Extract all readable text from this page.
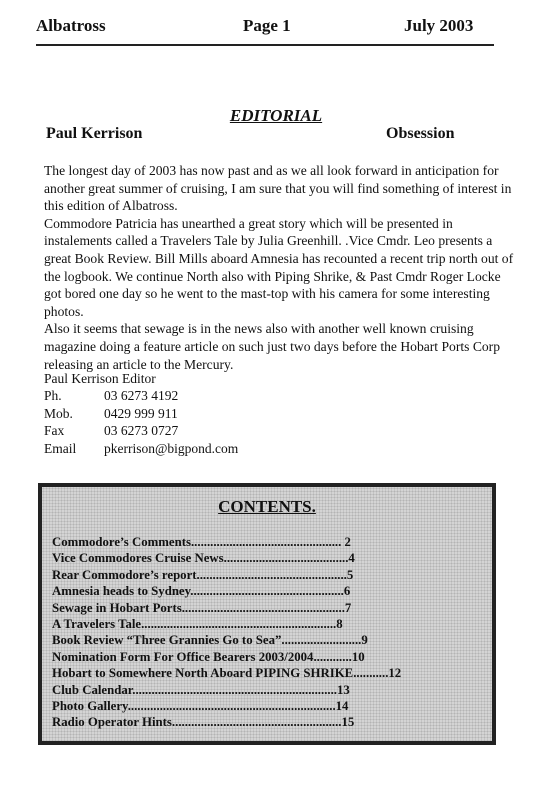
Albatross	Page 1	July 2003
EDITORIAL
Paul Kerrison	Obsession

The longest day of 2003 has now past and as we all look forward in anticipation for another great summer of cruising, I am sure that you will find something of interest in this edition of Albatross.

Commodore Patricia has unearthed a great story which will be presented in instalements called a Travelers Tale by Julia Greenhill. .Vice Cmdr. Leo presents a great Book Review. Bill Mills aboard Amnesia has recounted a recent trip north out of the logbook. We continue North also with Piping Shrike, & Past Cmdr Roger Locke got bored one day so he went to the mast-top with his camera for some interesting photos.

Also it seems that sewage is in the news also with another well known cruising magazine doing a feature article on such just two days before the Hobart Ports Corp releasing an article to the Mercury.

Paul Kerrison Editor
Ph.	03 6273 4192
Mob.	0429 999 911
Fax	03 6273 0727
Email	pkerrison@bigpond.com
CONTENTS.
Commodore’s Comments............................................... 2
Vice Commodores Cruise News.......................................4
Rear Commodore’s report...............................................5
Amnesia heads to Sydney................................................6
Sewage in Hobart Ports...................................................7
A Travelers Tale.............................................................8
Book Review “Three Grannies Go to Sea”.........................9
Nomination Form For Office Bearers 2003/2004............10
Hobart to Somewhere North Aboard PIPING SHRIKE...........12
Club Calendar................................................................13
Photo Gallery.................................................................14
Radio Operator Hints.....................................................15
